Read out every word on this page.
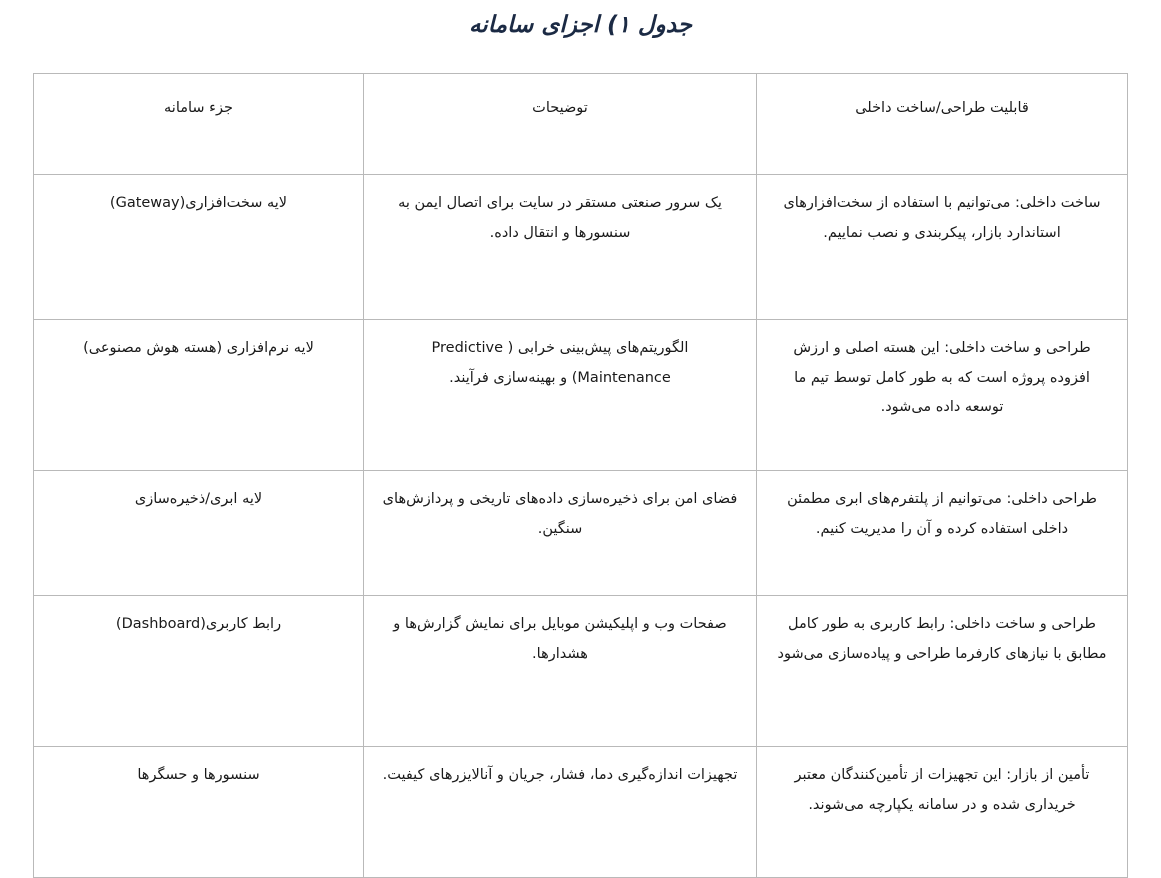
جدول ۱) اجزای سامانه
قابلیت طراحی/ساخت داخلی	توضیحات	جزء سامانه

ساخت داخلی: می‌توانیم با استفاده از سخت‌افزارهای استاندارد بازار، پیکربندی و نصب نماییم.	یک سرور صنعتی مستقر در سایت برای اتصال ایمن به سنسورها و انتقال داده.	لایه سخت‌افزاری(Gateway)

طراحی و ساخت داخلی: این هسته اصلی و ارزش افزوده پروژه است که به طور کامل توسط تیم ما توسعه داده می‌شود.	الگوریتم‌های پیش‌بینی خرابی ( Predictive Maintenance) و بهینه‌سازی فرآیند.	لایه نرم‌افزاری (هسته هوش مصنوعی)

طراحی داخلی: می‌توانیم از پلتفرم‌های ابری مطمئن داخلی استفاده کرده و آن را مدیریت کنیم.	فضای امن برای ذخیره‌سازی داده‌های تاریخی و پردازش‌های سنگین.	لایه ابری/ذخیره‌سازی

طراحی و ساخت داخلی: رابط کاربری به طور کامل مطابق با نیازهای کارفرما طراحی و پیاده‌سازی می‌شود	صفحات وب و اپلیکیشن موبایل برای نمایش گزارش‌ها و هشدارها.	رابط کاربری(Dashboard)

تأمین از بازار: این تجهیزات از تأمین‌کنندگان معتبر خریداری شده و در سامانه یکپارچه می‌شوند.	تجهیزات اندازه‌گیری دما، فشار، جریان و آنالایزرهای کیفیت.	سنسورها و حسگرها
